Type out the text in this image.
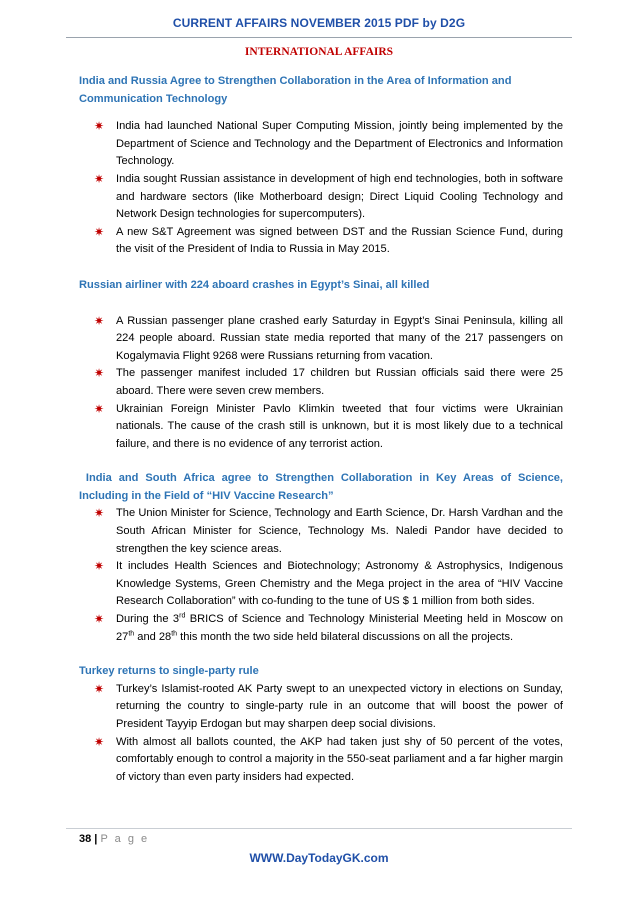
CURRENT AFFAIRS NOVEMBER 2015 PDF by D2G
INTERNATIONAL AFFAIRS
India and Russia Agree to Strengthen Collaboration in the Area of Information and Communication Technology
✷ India had launched National Super Computing Mission, jointly being implemented by the Department of Science and Technology and the Department of Electronics and Information Technology.
✷ India sought Russian assistance in development of high end technologies, both in software and hardware sectors (like Motherboard design; Direct Liquid Cooling Technology and Network Design technologies for supercomputers).
✷ A new S&T Agreement was signed between DST and the Russian Science Fund, during the visit of the President of India to Russia in May 2015.
Russian airliner with 224 aboard crashes in Egypt’s Sinai, all killed
✷ A Russian passenger plane crashed early Saturday in Egypt’s Sinai Peninsula, killing all 224 people aboard. Russian state media reported that many of the 217 passengers on Kogalymavia Flight 9268 were Russians returning from vacation.
✷ The passenger manifest included 17 children but Russian officials said there were 25 aboard. There were seven crew members.
✷ Ukrainian Foreign Minister Pavlo Klimkin tweeted that four victims were Ukrainian nationals. The cause of the crash still is unknown, but it is most likely due to a technical failure, and there is no evidence of any terrorist action.
India and South Africa agree to Strengthen Collaboration in Key Areas of Science, Including in the Field of “HIV Vaccine Research”
✷ The Union Minister for Science, Technology and Earth Science, Dr. Harsh Vardhan and the South African Minister for Science, Technology Ms. Naledi Pandor have decided to strengthen the key science areas.
✷ It includes Health Sciences and Biotechnology; Astronomy & Astrophysics, Indigenous Knowledge Systems, Green Chemistry and the Mega project in the area of “HIV Vaccine Research Collaboration” with co-funding to the tune of US $ 1 million from both sides.
✷ During the 3rd BRICS of Science and Technology Ministerial Meeting held in Moscow on 27th and 28th this month the two side held bilateral discussions on all the projects.
Turkey returns to single-party rule
✷ Turkey’s Islamist-rooted AK Party swept to an unexpected victory in elections on Sunday, returning the country to single-party rule in an outcome that will boost the power of President Tayyip Erdogan but may sharpen deep social divisions.
✷ With almost all ballots counted, the AKP had taken just shy of 50 percent of the votes, comfortably enough to control a majority in the 550-seat parliament and a far higher margin of victory than even party insiders had expected.
38 | P a g e
WWW.DayTodayGK.com
